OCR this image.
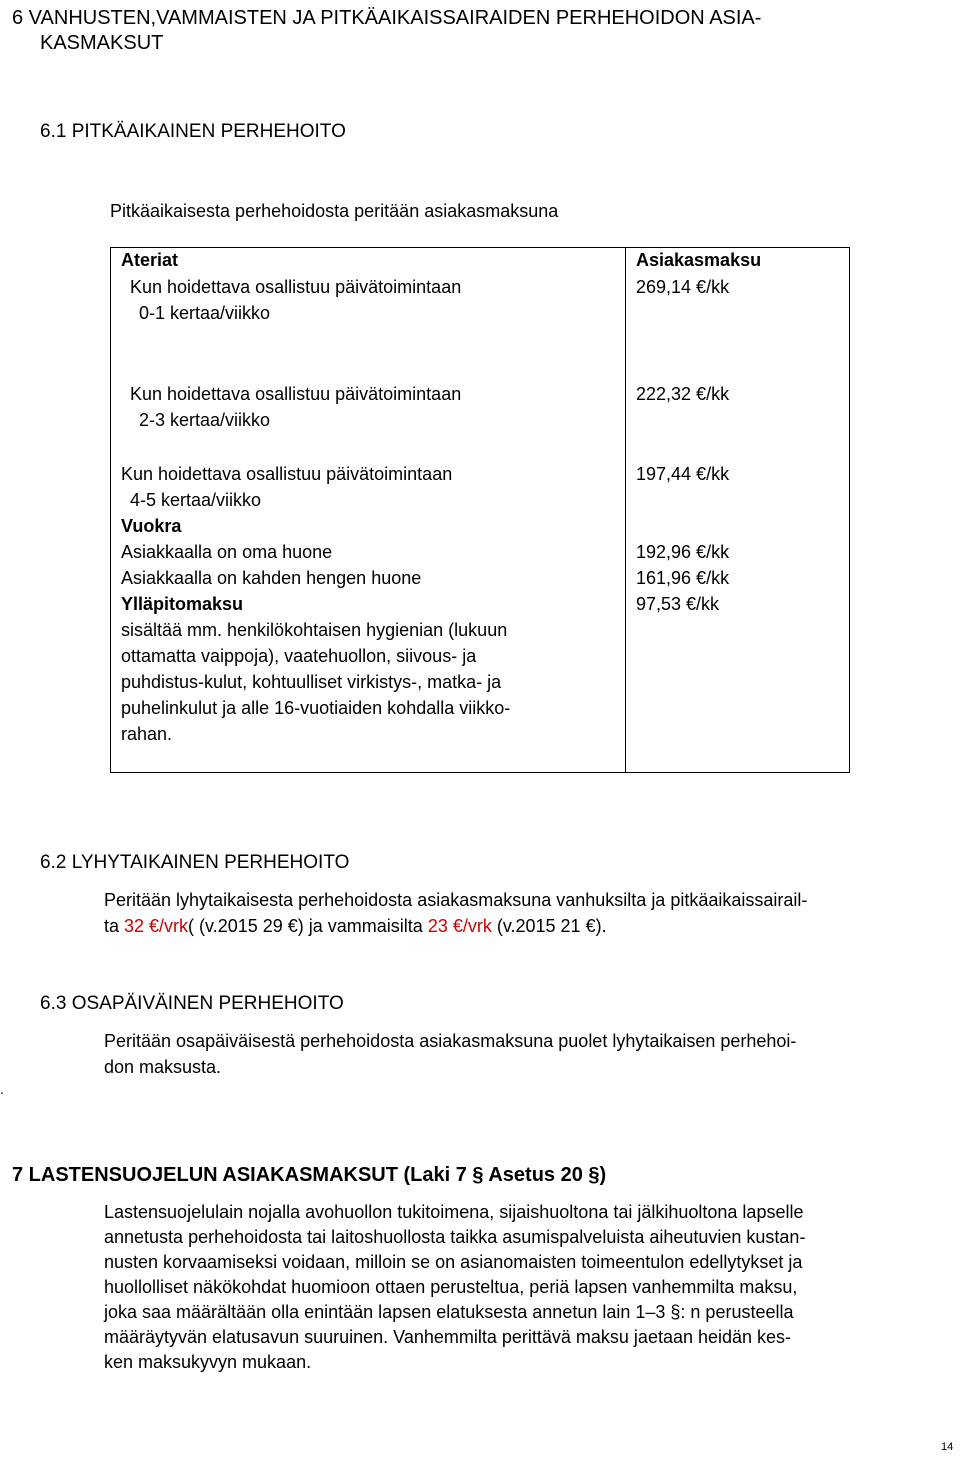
6 VANHUSTEN,VAMMAISTEN JA PITKÄAIKAISSAIRAIDEN PERHEHOIDON ASIA-
KASMAKSUT
6.1 PITKÄAIKAINEN PERHEHOITO
Pitkäaikaisesta perhehoidosta peritään asiakasmaksuna
Ateriat	Asiakasmaksu
Kun hoidettava osallistuu päivätoimintaan
0-1 kertaa/viikko
269,14 €/kk
Kun hoidettava osallistuu päivätoimintaan
2-3 kertaa/viikko
222,32 €/kk
Kun hoidettava osallistuu päivätoimintaan
4-5 kertaa/viikko
197,44 €/kk
Vuokra
Asiakkaalla on oma huone	192,96 €/kk
Asiakkaalla on kahden hengen huone	161,96 €/kk
Ylläpitomaksu	97,53 €/kk
sisältää mm. henkilökohtaisen hygienian (lukuun
ottamatta vaippoja), vaatehuollon, siivous- ja
puhdistus-kulut, kohtuulliset virkistys-, matka- ja
puhelinkulut ja alle 16-vuotiaiden kohdalla viikko-
rahan.
6.2 LYHYTAIKAINEN PERHEHOITO
Peritään lyhytaikaisesta perhehoidosta asiakasmaksuna vanhuksilta ja pitkäaikaissairail-
ta 32 €/vrk( (v.2015 29 €) ja vammaisilta 23 €/vrk (v.2015 21 €).
6.3 OSAPÄIVÄINEN PERHEHOITO
Peritään osapäiväisestä perhehoidosta asiakasmaksuna puolet lyhytaikaisen perhehoi-
don maksusta.
.
7 LASTENSUOJELUN ASIAKASMAKSUT (Laki 7 § Asetus 20 §)
Lastensuojelulain nojalla avohuollon tukitoimena, sijaishuoltona tai jälkihuoltona lapselle
annetusta perhehoidosta tai laitoshuollosta taikka asumispalveluista aiheutuvien kustan-
nusten korvaamiseksi voidaan, milloin se on asianomaisten toimeentulon edellytykset ja
huollolliset näkökohdat huomioon ottaen perusteltua, periä lapsen vanhemmilta maksu,
joka saa määrältään olla enintään lapsen elatuksesta annetun lain 1–3 §: n perusteella
määräytyvän elatusavun suuruinen. Vanhemmilta perittävä maksu jaetaan heidän kes-
ken maksukyvyn mukaan.
14
